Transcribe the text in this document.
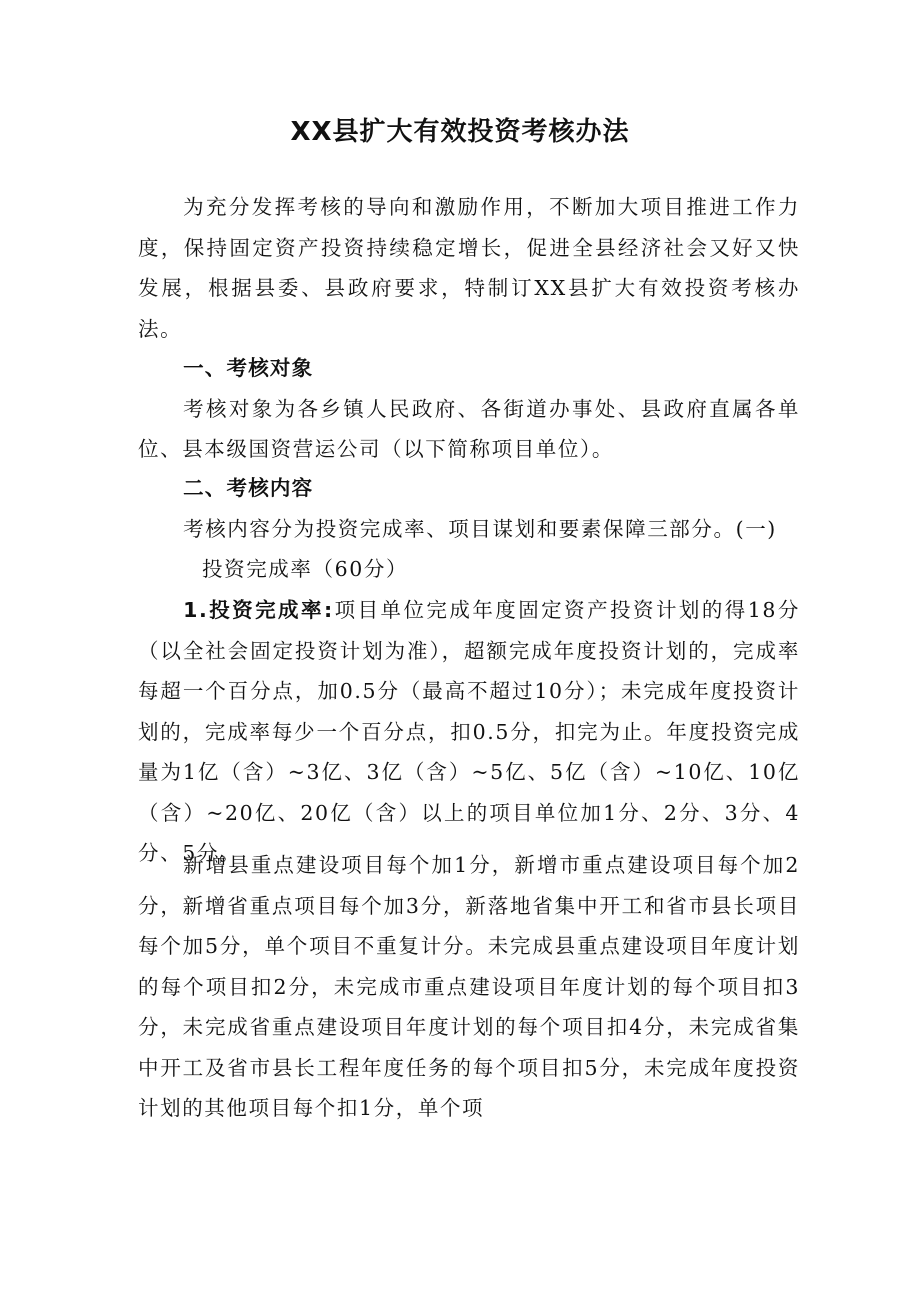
XX县扩大有效投资考核办法

为充分发挥考核的导向和激励作用，不断加大项目推进工作力度，保持固定资产投资持续稳定增长，促进全县经济社会又好又快发展，根据县委、县政府要求，特制订XX县扩大有效投资考核办法。

一、考核对象

考核对象为各乡镇人民政府、各街道办事处、县政府直属各单位、县本级国资营运公司（以下简称项目单位）。

二、考核内容

考核内容分为投资完成率、项目谋划和要素保障三部分。(一)

投资完成率（60分）

1.投资完成率:项目单位完成年度固定资产投资计划的得18分（以全社会固定投资计划为准），超额完成年度投资计划的，完成率每超一个百分点，加0.5分（最高不超过10分）；未完成年度投资计划的，完成率每少一个百分点，扣0.5分，扣完为止。年度投资完成量为1亿（含）~3亿、3亿（含）~5亿、5亿（含）~10亿、10亿（含）~20亿、20亿（含）以上的项目单位加1分、2分、3分、4分、5分。

新增县重点建设项目每个加1分，新增市重点建设项目每个加2分，新增省重点项目每个加3分，新落地省集中开工和省市县长项目每个加5分，单个项目不重复计分。未完成县重点建设项目年度计划的每个项目扣2分，未完成市重点建设项目年度计划的每个项目扣3分，未完成省重点建设项目年度计划的每个项目扣4分，未完成省集中开工及省市县长工程年度任务的每个项目扣5分，未完成年度投资计划的其他项目每个扣1分，单个项
